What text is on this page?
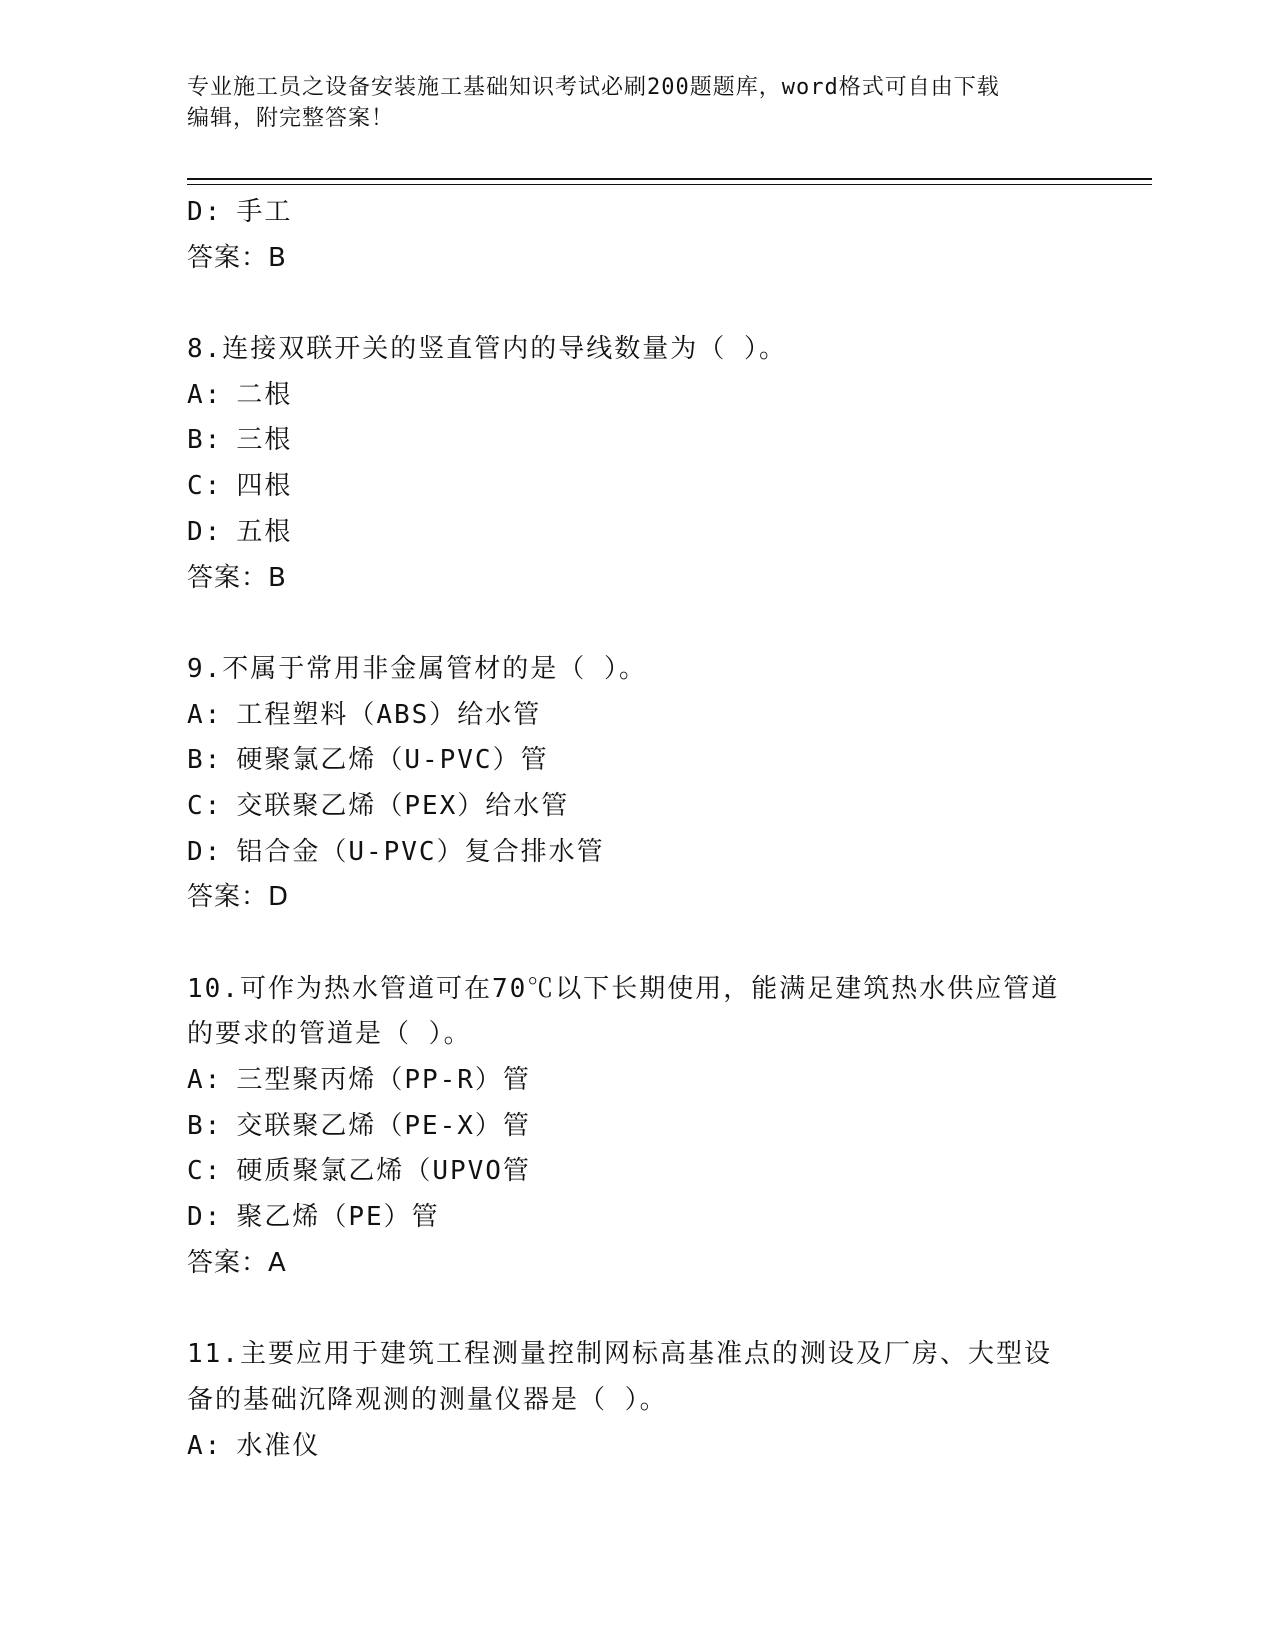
专业施工员之设备安装施工基础知识考试必刷200题题库，word格式可自由下载
编辑，附完整答案！
D: 手工
答案：B
8.连接双联开关的竖直管内的导线数量为（ ）。
A: 二根
B: 三根
C: 四根
D: 五根
答案：B
9.不属于常用非金属管材的是（ ）。
A: 工程塑料（ABS）给水管
B: 硬聚氯乙烯（U-PVC）管
C: 交联聚乙烯（PEX）给水管
D: 铝合金（U-PVC）复合排水管
答案：D
10.可作为热水管道可在70℃以下长期使用，能满足建筑热水供应管道
的要求的管道是（ ）。
A: 三型聚丙烯（PP-R）管
B: 交联聚乙烯（PE-X）管
C: 硬质聚氯乙烯（UPVO管
D: 聚乙烯（PE）管
答案：A
11.主要应用于建筑工程测量控制网标高基准点的测设及厂房、大型设
备的基础沉降观测的测量仪器是（ ）。
A: 水准仪
